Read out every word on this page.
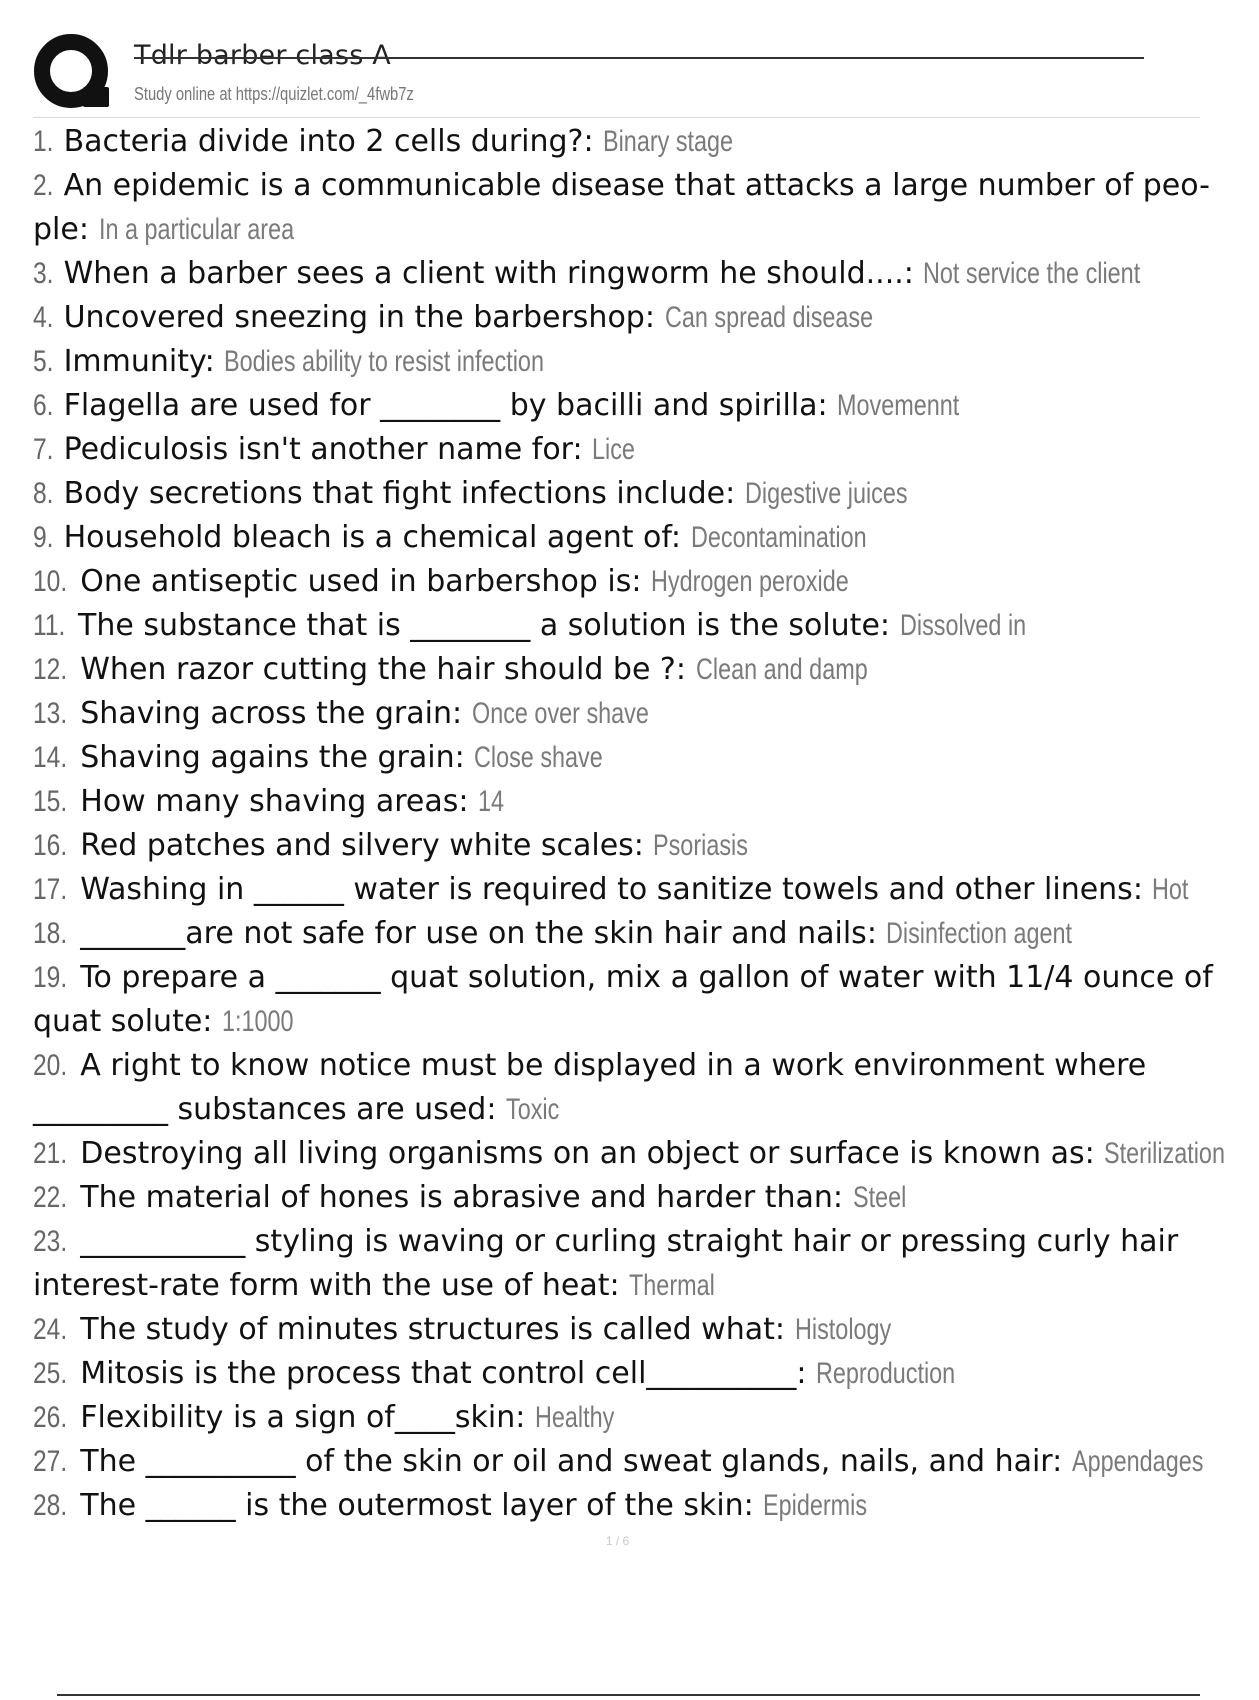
Tdlr barber class A
Study online at https://quizlet.com/_4fwb7z
1. Bacteria divide into 2 cells during?: Binary stage
2. An epidemic is a communicable disease that attacks a large number of peo-
ple: In a particular area
3. When a barber sees a client with ringworm he should....: Not service the client
4. Uncovered sneezing in the barbershop: Can spread disease
5. Immunity: Bodies ability to resist infection
6. Flagella are used for ________ by bacilli and spirilla: Movemennt
7. Pediculosis isn't another name for: Lice
8. Body secretions that fight infections include: Digestive juices
9. Household bleach is a chemical agent of: Decontamination
10. One antiseptic used in barbershop is: Hydrogen peroxide
11. The substance that is ________ a solution is the solute: Dissolved in
12. When razor cutting the hair should be ?: Clean and damp
13. Shaving across the grain: Once over shave
14. Shaving agains the grain: Close shave
15. How many shaving areas: 14
16. Red patches and silvery white scales: Psoriasis
17. Washing in ______ water is required to sanitize towels and other linens: Hot
18. _______are not safe for use on the skin hair and nails: Disinfection agent
19. To prepare a _______ quat solution, mix a gallon of water with 11/4 ounce of
quat solute: 1:1000
20. A right to know notice must be displayed in a work environment where
_________ substances are used: Toxic
21. Destroying all living organisms on an object or surface is known as: Sterilization
22. The material of hones is abrasive and harder than: Steel
23. ___________ styling is waving or curling straight hair or pressing curly hair
interest-rate form with the use of heat: Thermal
24. The study of minutes structures is called what: Histology
25. Mitosis is the process that control cell__________: Reproduction
26. Flexibility is a sign of____skin: Healthy
27. The __________ of the skin or oil and sweat glands, nails, and hair: Appendages
28. The ______ is the outermost layer of the skin: Epidermis
1 / 6
